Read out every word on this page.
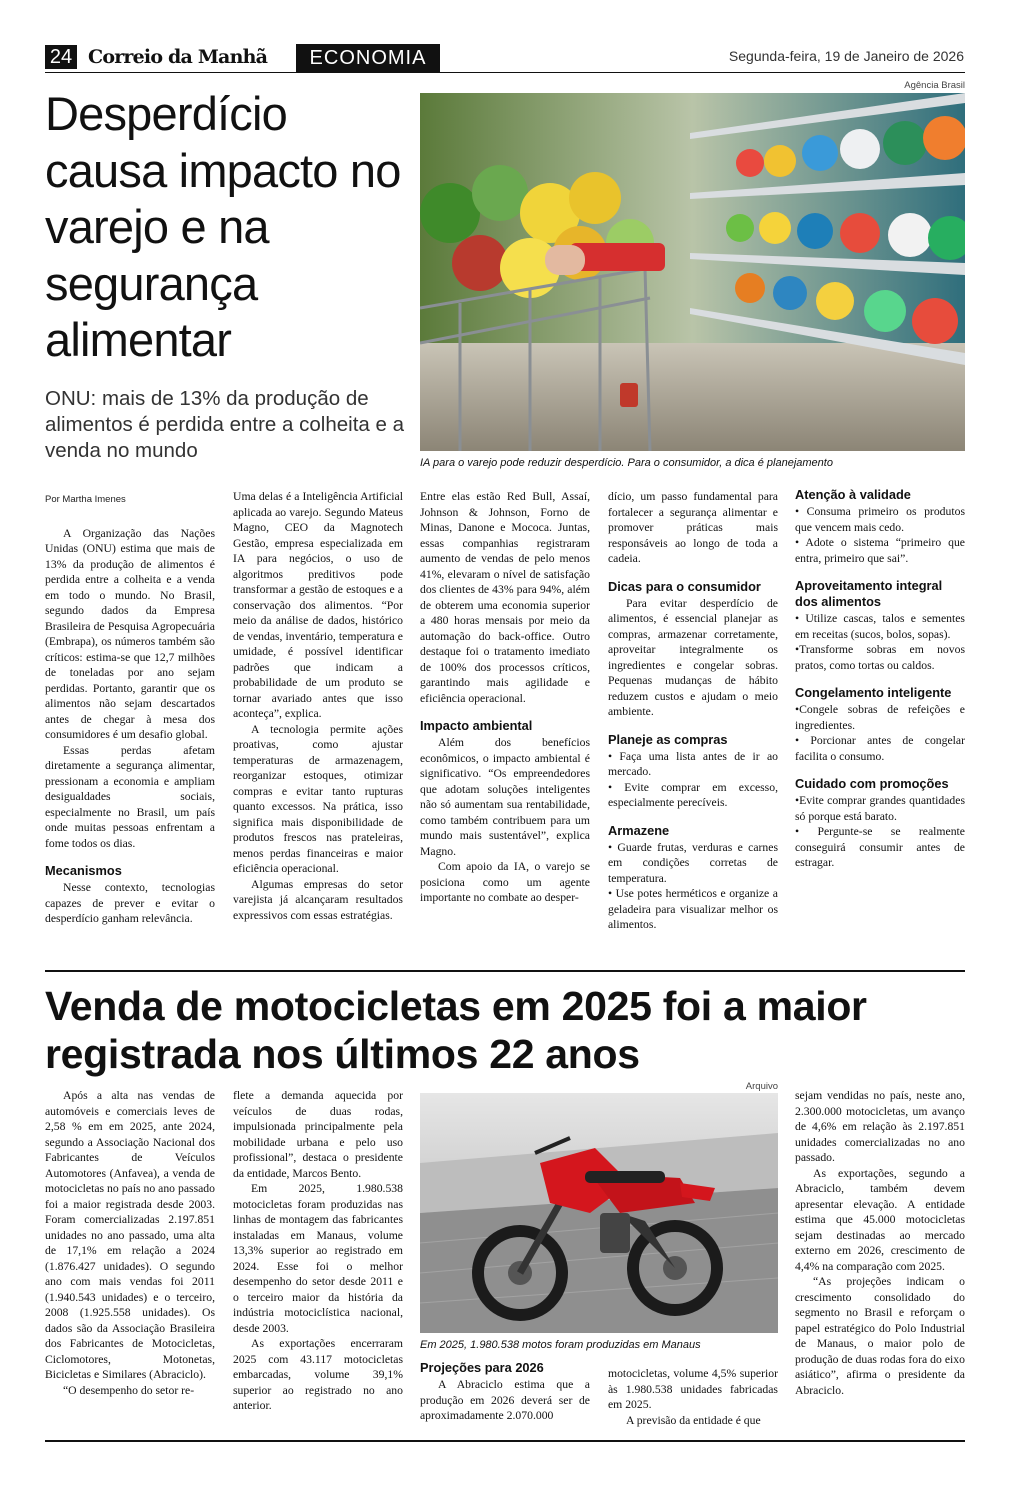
24 Correio da Manhã	ECONOMIA	Segunda-feira, 19 de Janeiro de 2026
Desperdício causa impacto no varejo e na segurança alimentar

ONU: mais de 13% da produção de alimentos é perdida entre a colheita e a venda no mundo

Agência Brasil
IA para o varejo pode reduzir desperdício. Para o consumidor, a dica é planejamento

Por Martha Imenes

A Organização das Nações Unidas (ONU) estima que mais de 13% da produção de alimentos é perdida entre a colheita e a venda em todo o mundo. No Brasil, segundo dados da Empresa Brasileira de Pesquisa Agropecuária (Embrapa), os números também são críticos: estima-se que 12,7 milhões de toneladas por ano sejam perdidas. Portanto, garantir que os alimentos não sejam descartados antes de chegar à mesa dos consumidores é um desafio global.

Essas perdas afetam diretamente a segurança alimentar, pressionam a economia e ampliam desigualdades sociais, especialmente no Brasil, um país onde muitas pessoas enfrentam a fome todos os dias.

Mecanismos

Nesse contexto, tecnologias capazes de prever e evitar o desperdício ganham relevância.

Uma delas é a Inteligência Artificial aplicada ao varejo. Segundo Mateus Magno, CEO da Magnotech Gestão, empresa especializada em IA para negócios, o uso de algoritmos preditivos pode transformar a gestão de estoques e a conservação dos alimentos. “Por meio da análise de dados, histórico de vendas, inventário, temperatura e umidade, é possível identificar padrões que indicam a probabilidade de um produto se tornar avariado antes que isso aconteça”, explica.

A tecnologia permite ações proativas, como ajustar temperaturas de armazenagem, reorganizar estoques, otimizar compras e evitar tanto rupturas quanto excessos. Na prática, isso significa mais disponibilidade de produtos frescos nas prateleiras, menos perdas financeiras e maior eficiência operacional.

Algumas empresas do setor varejista já alcançaram resultados expressivos com essas estratégias.

Entre elas estão Red Bull, Assaí, Johnson & Johnson, Forno de Minas, Danone e Mococa. Juntas, essas companhias registraram aumento de vendas de pelo menos 41%, elevaram o nível de satisfação dos clientes de 43% para 94%, além de obterem uma economia superior a 480 horas mensais por meio da automação do back-office. Outro destaque foi o tratamento imediato de 100% dos processos críticos, garantindo mais agilidade e eficiência operacional.

Impacto ambiental

Além dos benefícios econômicos, o impacto ambiental é significativo. “Os empreendedores que adotam soluções inteligentes não só aumentam sua rentabilidade, como também contribuem para um mundo mais sustentável”, explica Magno.

Com apoio da IA, o varejo se posiciona como um agente importante no combate ao desper-

dício, um passo fundamental para fortalecer a segurança alimentar e promover práticas mais responsáveis ao longo de toda a cadeia.

Dicas para o consumidor

Para evitar desperdício de alimentos, é essencial planejar as compras, armazenar corretamente, aproveitar integralmente os ingredientes e congelar sobras. Pequenas mudanças de hábito reduzem custos e ajudam o meio ambiente.

Planeje as compras

• Faça uma lista antes de ir ao mercado.

• Evite comprar em excesso, especialmente perecíveis.

Armazene

• Guarde frutas, verduras e carnes em condições corretas de temperatura.

• Use potes herméticos e organize a geladeira para visualizar melhor os alimentos.

Atenção à validade

• Consuma primeiro os produtos que vencem mais cedo.

• Adote o sistema “primeiro que entra, primeiro que sai”.

Aproveitamento integral dos alimentos

• Utilize cascas, talos e sementes em receitas (sucos, bolos, sopas).

•Transforme sobras em novos pratos, como tortas ou caldos.

Congelamento inteligente

•Congele sobras de refeições e ingredientes.

• Porcionar antes de congelar facilita o consumo.

Cuidado com promoções

•Evite comprar grandes quantidades só porque está barato.

• Pergunte-se se realmente conseguirá consumir antes de estragar.

Venda de motocicletas em 2025 foi a maior registrada nos últimos 22 anos

Após a alta nas vendas de automóveis e comerciais leves de 2,58 % em em 2025, ante 2024, segundo a Associação Nacional dos Fabricantes de Veículos Automotores (Anfavea), a venda de motocicletas no país no ano passado foi a maior registrada desde 2003. Foram comercializadas 2.197.851 unidades no ano passado, uma alta de 17,1% em relação a 2024 (1.876.427 unidades). O segundo ano com mais vendas foi 2011 (1.940.543 unidades) e o terceiro, 2008 (1.925.558 unidades). Os dados são da Associação Brasileira dos Fabricantes de Motocicletas, Ciclomotores, Motonetas, Bicicletas e Similares (Abraciclo).

“O desempenho do setor re-

flete a demanda aquecida por veículos de duas rodas, impulsionada principalmente pela mobilidade urbana e pelo uso profissional”, destaca o presidente da entidade, Marcos Bento.

Em 2025, 1.980.538 motocicletas foram produzidas nas linhas de montagem das fabricantes instaladas em Manaus, volume 13,3% superior ao registrado em 2024. Esse foi o melhor desempenho do setor desde 2011 e o terceiro maior da história da indústria motociclística nacional, desde 2003.

As exportações encerraram 2025 com 43.117 motocicletas embarcadas, volume 39,1% superior ao registrado no ano anterior.

Arquivo
Em 2025, 1.980.538 motos foram produzidas em Manaus
Projeções para 2026

A Abraciclo estima que a produção em 2026 deverá ser de aproximadamente 2.070.000

motocicletas, volume 4,5% superior às 1.980.538 unidades fabricadas em 2025.

A previsão da entidade é que

sejam vendidas no país, neste ano, 2.300.000 motocicletas, um avanço de 4,6% em relação às 2.197.851 unidades comercializadas no ano passado.

As exportações, segundo a Abraciclo, também devem apresentar elevação. A entidade estima que 45.000 motocicletas sejam destinadas ao mercado externo em 2026, crescimento de 4,4% na comparação com 2025.

“As projeções indicam o crescimento consolidado do segmento no Brasil e reforçam o papel estratégico do Polo Industrial de Manaus, o maior polo de produção de duas rodas fora do eixo asiático”, afirma o presidente da Abraciclo.
